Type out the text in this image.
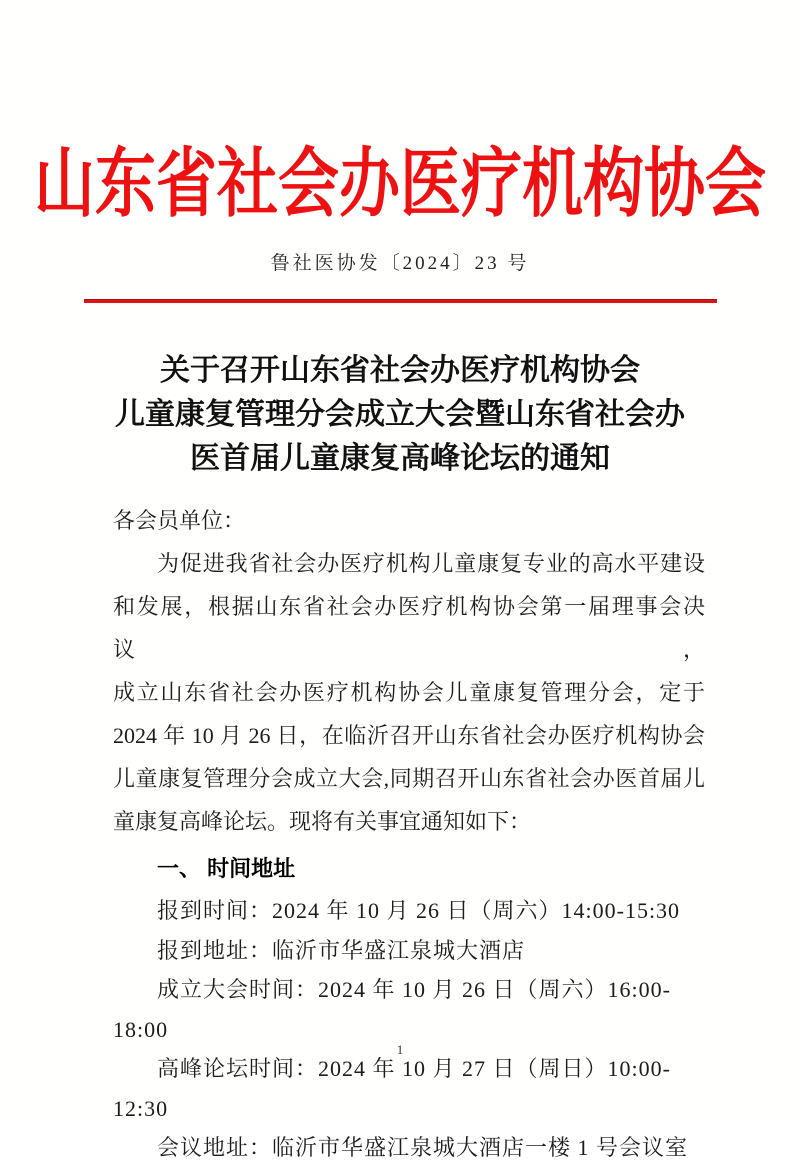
山东省社会办医疗机构协会
鲁社医协发〔2024〕23 号
关于召开山东省社会办医疗机构协会
儿童康复管理分会成立大会暨山东省社会办
医首届儿童康复高峰论坛的通知
各会员单位：
为促进我省社会办医疗机构儿童康复专业的高水平建设
和发展，根据山东省社会办医疗机构协会第一届理事会决议，
成立山东省社会办医疗机构协会儿童康复管理分会，定于
2024 年 10 月 26 日，在临沂召开山东省社会办医疗机构协会
儿童康复管理分会成立大会,同期召开山东省社会办医首届儿
童康复高峰论坛。现将有关事宜通知如下：
一、 时间地址
报到时间：2024 年 10 月 26 日（周六）14:00-15:30
报到地址：临沂市华盛江泉城大酒店
成立大会时间：2024 年 10 月 26 日（周六）16:00-18:00
高峰论坛时间：2024 年 10 月 27 日（周日）10:00-12:30
会议地址：临沂市华盛江泉城大酒店一楼 1 号会议室
1
